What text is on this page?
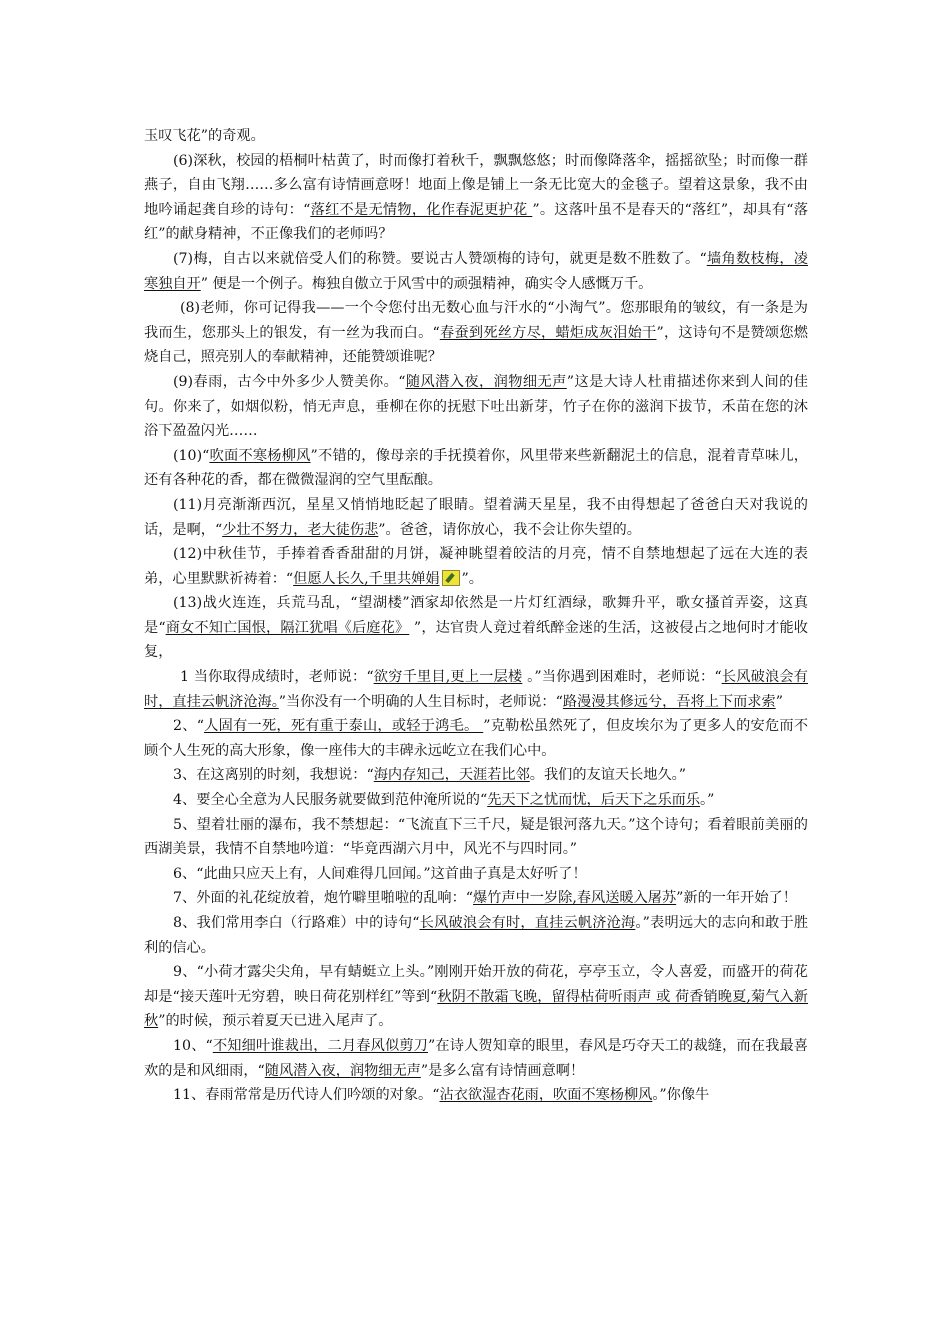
玉叹飞花”的奇观。

(6)深秋，校园的梧桐叶枯黄了，时而像打着秋千，飘飘悠悠；时而像降落伞，摇摇欲坠；时而像一群燕子，自由飞翔……多么富有诗情画意呀！地面上像是铺上一条无比宽大的金毯子。望着这景象，我不由地吟诵起龚自珍的诗句：“落红不是无情物，化作春泥更护花 ”。这落叶虽不是春天的“落红”，却具有“落红”的献身精神，不正像我们的老师吗？

(7)梅，自古以来就倍受人们的称赞。要说古人赞颂梅的诗句，就更是数不胜数了。“墙角数枝梅，凌寒独自开” 便是一个例子。梅独自傲立于风雪中的顽强精神，确实令人感慨万千。

(8)老师，你可记得我——一个令您付出无数心血与汗水的“小淘气”。您那眼角的皱纹，有一条是为我而生，您那头上的银发，有一丝为我而白。“春蚕到死丝方尽，蜡炬成灰泪始干”，这诗句不是赞颂您燃烧自己，照亮别人的奉献精神，还能赞颂谁呢？

(9)春雨，古今中外多少人赞美你。“随风潜入夜，润物细无声”这是大诗人杜甫描述你来到人间的佳句。你来了，如烟似粉，悄无声息，垂柳在你的抚慰下吐出新芽，竹子在你的滋润下拔节，禾苗在您的沐浴下盈盈闪光……

(10)“吹面不寒杨柳风”不错的，像母亲的手抚摸着你，风里带来些新翻泥土的信息，混着青草味儿，还有各种花的香，都在微微湿润的空气里酝酿。

(11)月亮渐渐西沉，星星又悄悄地眨起了眼睛。望着满天星星，我不由得想起了爸爸白天对我说的话，是啊，“少壮不努力，老大徒伤悲”。爸爸，请你放心，我不会让你失望的。

(12)中秋佳节，手捧着香香甜甜的月饼，凝神眺望着皎洁的月亮，情不自禁地想起了远在大连的表弟，心里默默祈祷着：“但愿人长久,千里共婵娟 ”。

(13)战火连连，兵荒马乱，“望湖楼”酒家却依然是一片灯红酒绿，歌舞升平，歌女搔首弄姿，这真是“商女不知亡国恨，隔江犹唱《后庭花》 ”，达官贵人竟过着纸醉金迷的生活，这被侵占之地何时才能收复，

1 当你取得成绩时，老师说：“欲穷千里目,更上一层楼 。”当你遇到困难时，老师说：“长风破浪会有时，直挂云帆济沧海。”当你没有一个明确的人生目标时，老师说：“路漫漫其修远兮，吾将上下而求索”

2、“人固有一死，死有重于泰山，或轻于鸿毛。 ”克勒松虽然死了，但皮埃尔为了更多人的安危而不顾个人生死的高大形象，像一座伟大的丰碑永远屹立在我们心中。

3、在这离别的时刻，我想说：“海内存知己，天涯若比邻。我们的友谊天长地久。”

4、要全心全意为人民服务就要做到范仲淹所说的“先天下之忧而忧，后天下之乐而乐。”

5、望着壮丽的瀑布，我不禁想起：“飞流直下三千尺，疑是银河落九天。”这个诗句；看着眼前美丽的西湖美景，我情不自禁地吟道：“毕竟西湖六月中，风光不与四时同。”

6、“此曲只应天上有，人间难得几回闻。”这首曲子真是太好听了！

7、外面的礼花绽放着，炮竹噼里啪啦的乱响：“爆竹声中一岁除,春风送暖入屠苏”新的一年开始了！

8、我们常用李白（行路难）中的诗句“长风破浪会有时，直挂云帆济沧海。”表明远大的志向和敢于胜利的信心。

9、“小荷才露尖尖角，早有蜻蜓立上头。”刚刚开始开放的荷花，亭亭玉立，令人喜爱，而盛开的荷花却是“接天莲叶无穷碧，映日荷花别样红”等到“秋阴不散霜飞晚，留得枯荷听雨声 或 荷香销晚夏,菊气入新秋”的时候，预示着夏天已进入尾声了。

10、“不知细叶谁裁出，二月春风似剪刀”在诗人贺知章的眼里，春风是巧夺天工的裁缝，而在我最喜欢的是和风细雨，“随风潜入夜，润物细无声”是多么富有诗情画意啊！

11、春雨常常是历代诗人们吟颂的对象。“沾衣欲湿杏花雨，吹面不寒杨柳风。”你像牛
